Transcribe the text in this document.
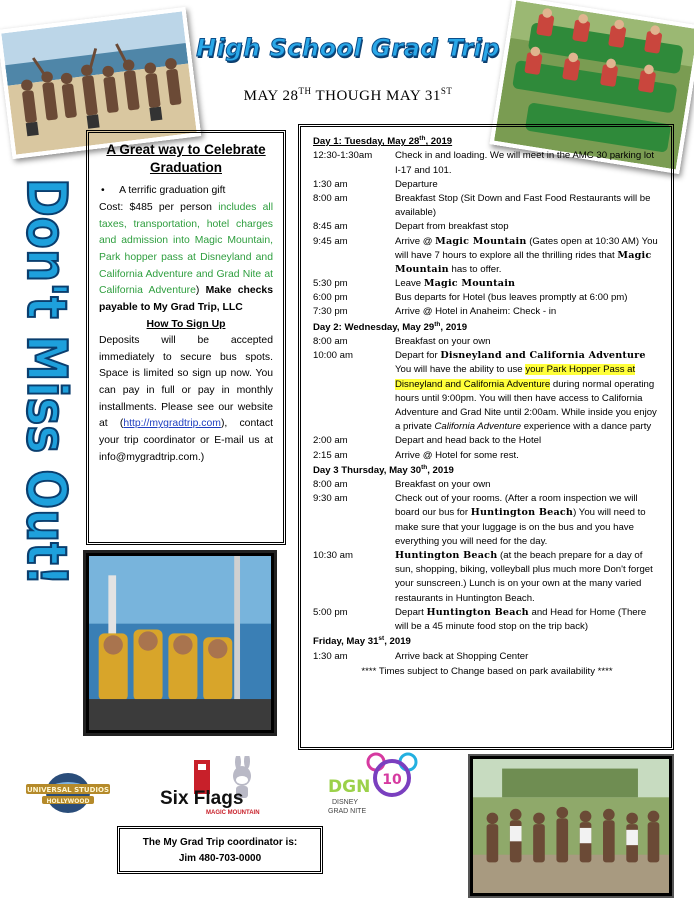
High School Grad Trip
MAY 28TH THOUGH MAY 31ST
Don't Miss Out!
A Great way to Celebrate Graduation
•     A terrific graduation gift
Cost: $485 per person includes all taxes, transportation, hotel charges and admission into Magic Mountain, Park hopper pass at Disneyland and California Adventure and Grad Nite at California Adventure) Make checks payable to My Grad Trip, LLC
How To Sign Up
Deposits will be accepted immediately to secure bus spots. Space is limited so sign up now. You can pay in full or pay in monthly installments. Please see our website at (http://mygradtrip.com), contact your trip coordinator or E-mail us at info@mygradtrip.com.)
Day 1: Tuesday, May 28th, 2019
12:30-1:30am	Check in and loading. We will meet in the AMC 30 parking lot I-17 and 101.
1:30 am	Departure
8:00 am	Breakfast Stop (Sit Down and Fast Food Restaurants will be available)
8:45 am	Depart from breakfast stop
9:45 am	Arrive @ Magic Mountain (Gates open at 10:30 AM) You will have 7 hours to explore all the thrilling rides that Magic Mountain has to offer.
5:30 pm	Leave Magic Mountain
6:00 pm	Bus departs for Hotel (bus leaves promptly at 6:00 pm)
7:30 pm	Arrive @ Hotel in Anaheim: Check - in
Day 2: Wednesday, May 29th, 2019
8:00 am	Breakfast on your own
10:00 am	Depart for Disneyland and California Adventure You will have the ability to use your Park Hopper Pass at Disneyland and California Adventure during normal operating hours until 9:00pm. You will then have access to California Adventure and Grad Nite until 2:00am. While inside you enjoy a private California Adventure experience with a dance party
2:00 am	Depart and head back to the Hotel
2:15 am	Arrive @ Hotel for some rest.
Day 3 Thursday, May 30th, 2019
8:00 am	Breakfast on your own
9:30 am	Check out of your rooms. (After a room inspection we will board our bus for Huntington Beach) You will need to make sure that your luggage is on the bus and you have everything you will need for the day.
10:30 am	Huntington Beach (at the beach prepare for a day of sun, shopping, biking, volleyball plus much more Don't forget your sunscreen.) Lunch is on your own at the many varied restaurants in Huntington Beach.
5:00 pm	Depart Huntington Beach and Head for Home (There will be a 45 minute food stop on the trip back)
Friday, May 31st, 2019
1:30 am	Arrive back at Shopping Center
**** Times subject to Change based on park availability ****
UNIVERSAL STUDIOS
HOLLYWOOD	Six Flags
MAGIC MOUNTAIN
10
DGN
DISNEY
GRAD NITE
The My Grad Trip coordinator is:
Jim 480-703-0000
